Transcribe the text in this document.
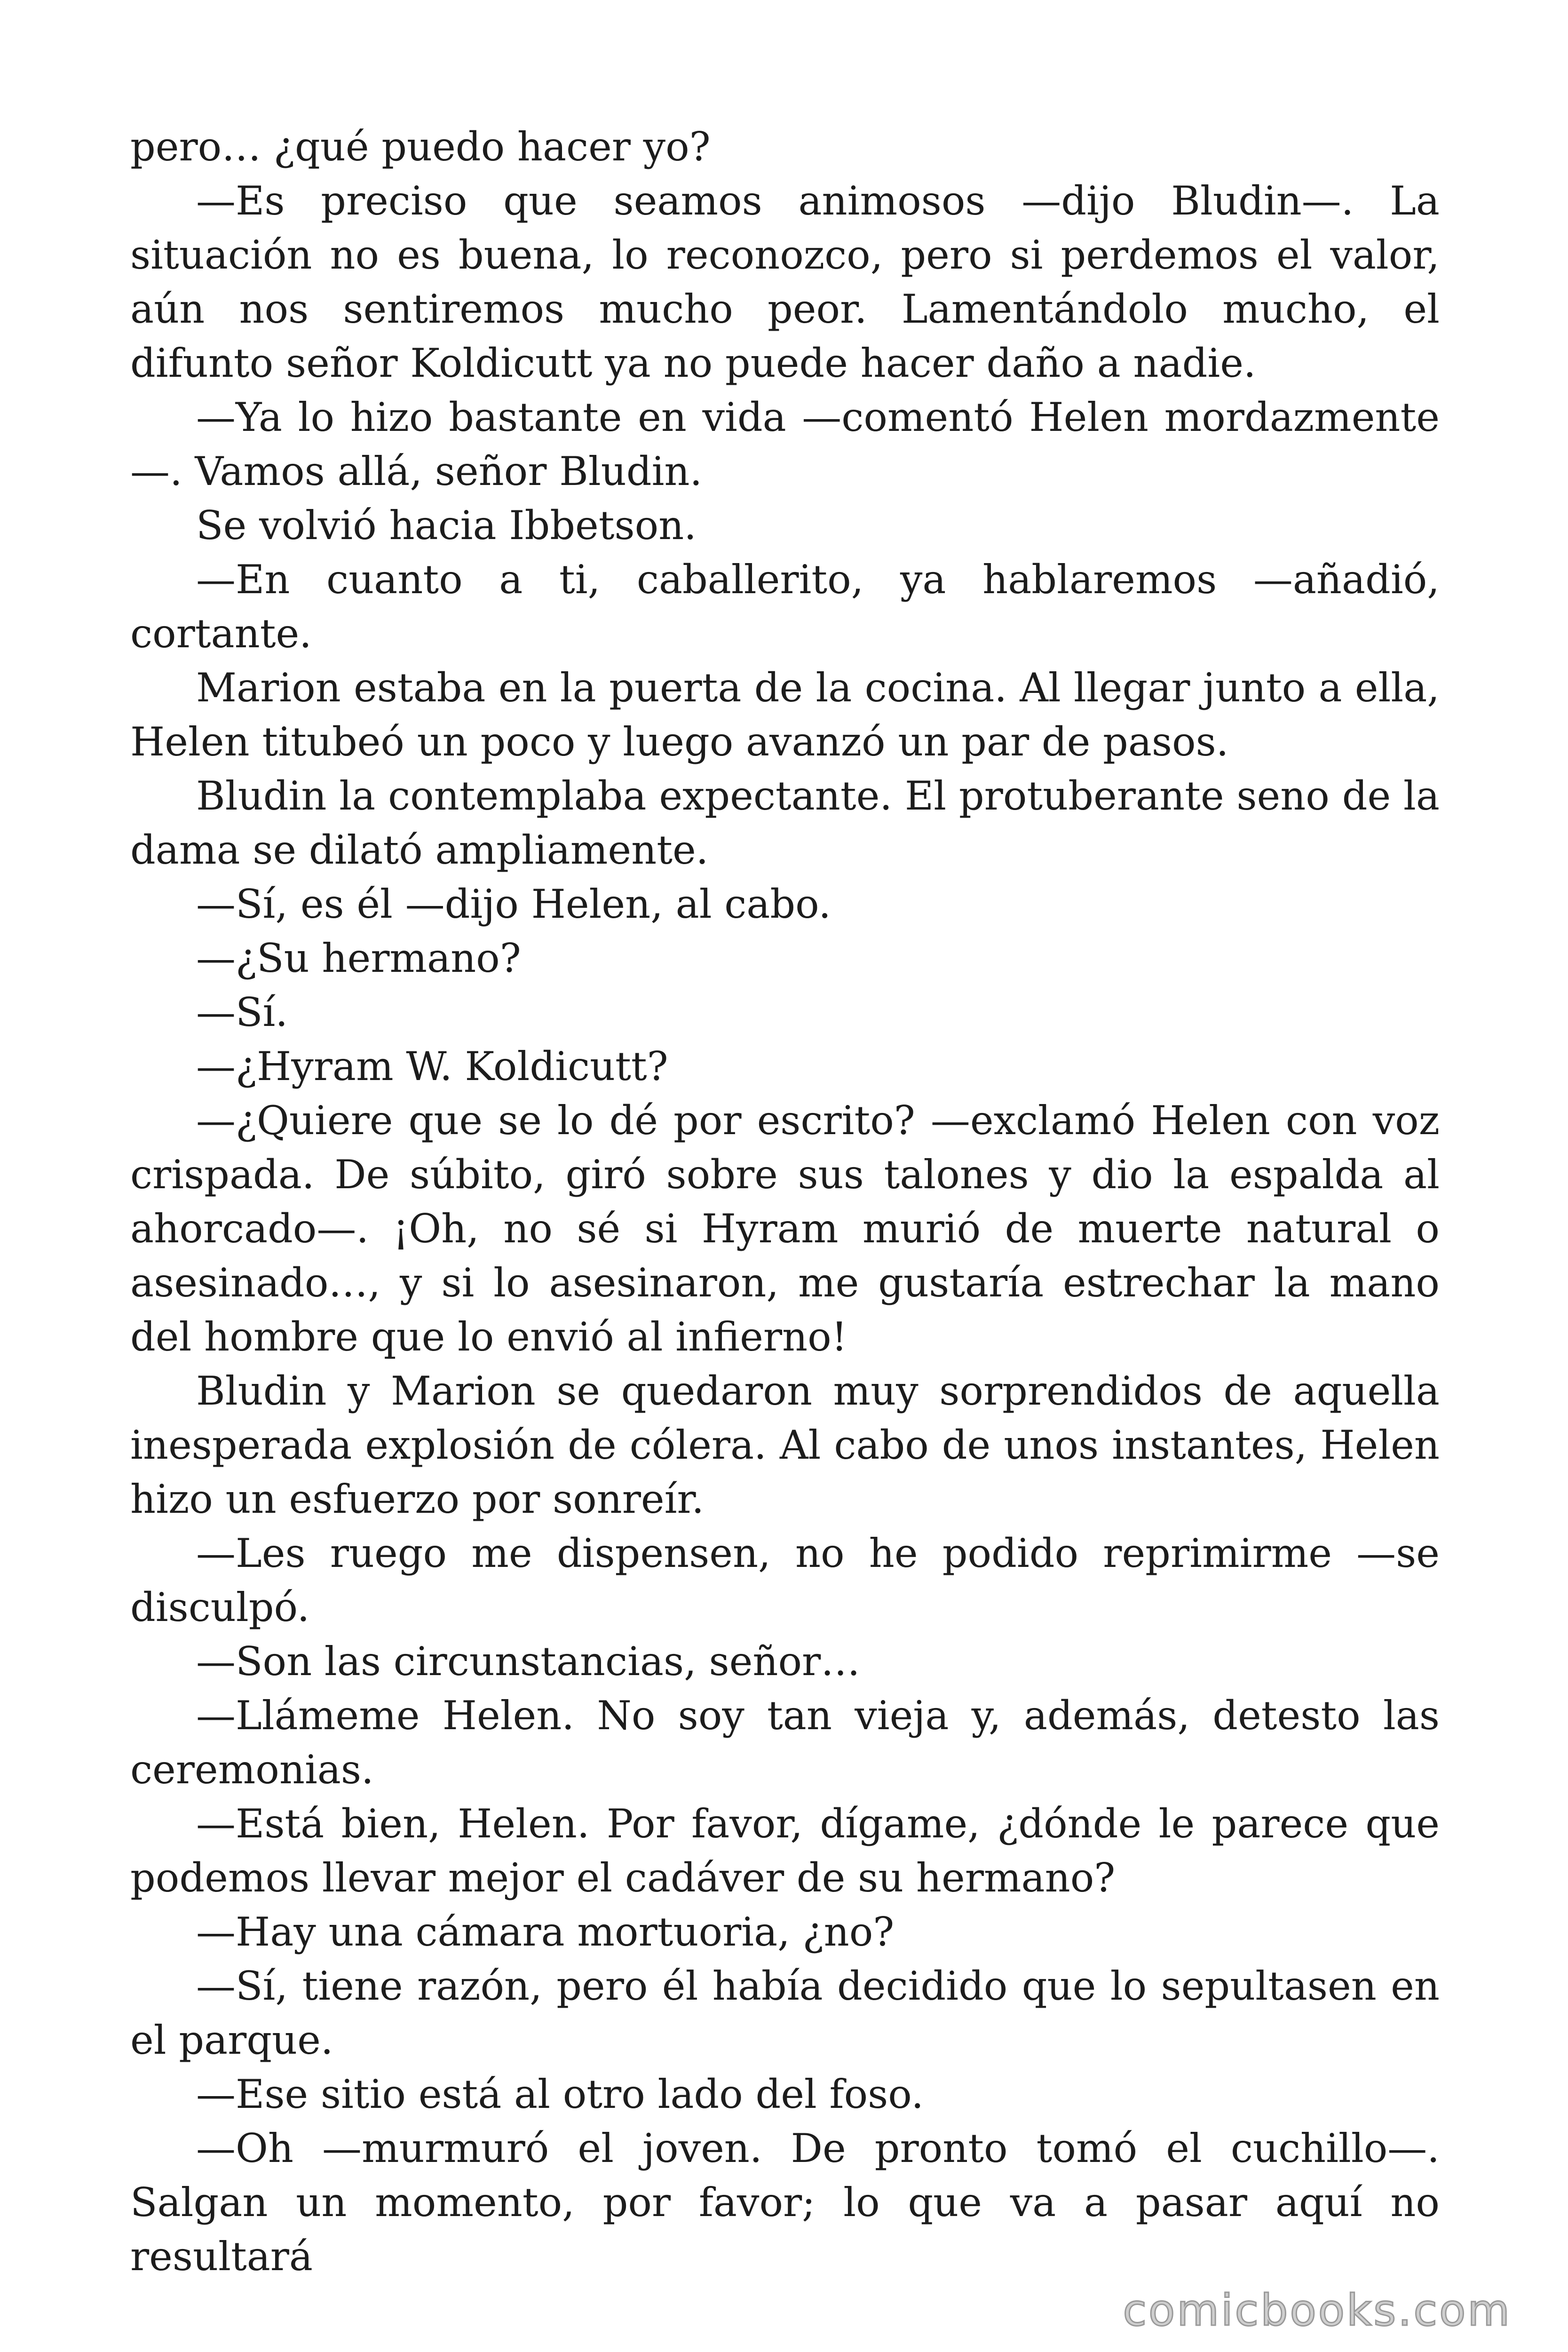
pero… ¿qué puedo hacer yo?

—Es preciso que seamos animosos —dijo Bludin—. La situación no es buena, lo reconozco, pero si perdemos el valor, aún nos sentiremos mucho peor. Lamentándolo mucho, el difunto señor Koldicutt ya no puede hacer daño a nadie.

—Ya lo hizo bastante en vida —comentó Helen mordazmente—. Vamos allá, señor Bludin.

Se volvió hacia Ibbetson.

—En cuanto a ti, caballerito, ya hablaremos —añadió, cortante.

Marion estaba en la puerta de la cocina. Al llegar junto a ella, Helen titubeó un poco y luego avanzó un par de pasos.

Bludin la contemplaba expectante. El protuberante seno de la dama se dilató ampliamente.

—Sí, es él —dijo Helen, al cabo.

—¿Su hermano?

—Sí.

—¿Hyram W. Koldicutt?

—¿Quiere que se lo dé por escrito? —exclamó Helen con voz crispada. De súbito, giró sobre sus talones y dio la espalda al ahorcado—. ¡Oh, no sé si Hyram murió de muerte natural o asesinado…, y si lo asesinaron, me gustaría estrechar la mano del hombre que lo envió al infierno!

Bludin y Marion se quedaron muy sorprendidos de aquella inesperada explosión de cólera. Al cabo de unos instantes, Helen hizo un esfuerzo por sonreír.

—Les ruego me dispensen, no he podido reprimirme —se disculpó.

—Son las circunstancias, señor…

—Llámeme Helen. No soy tan vieja y, además, detesto las ceremonias.

—Está bien, Helen. Por favor, dígame, ¿dónde le parece que podemos llevar mejor el cadáver de su hermano?

—Hay una cámara mortuoria, ¿no?

—Sí, tiene razón, pero él había decidido que lo sepultasen en el parque.

—Ese sitio está al otro lado del foso.

—Oh —murmuró el joven. De pronto tomó el cuchillo—. Salgan un momento, por favor; lo que va a pasar aquí no resultará

comicbooks.com
